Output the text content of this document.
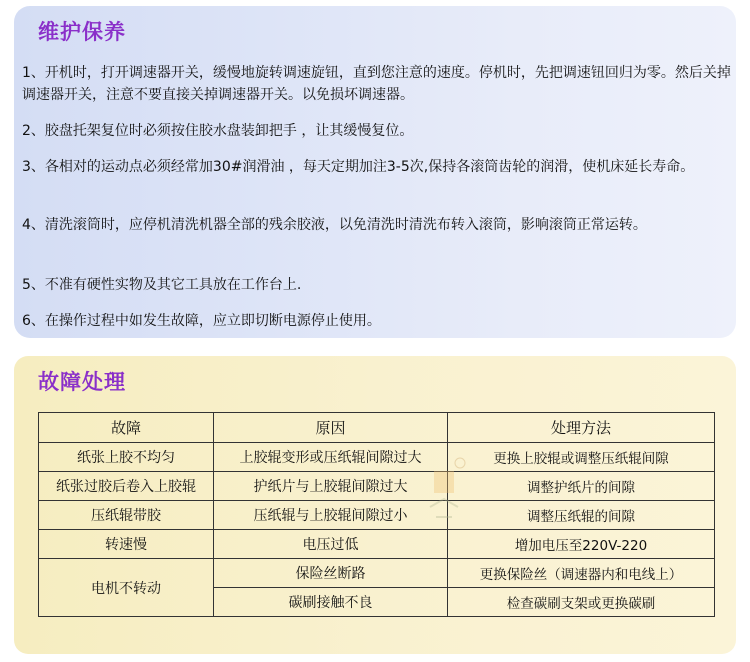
维护保养
1、开机时，打开调速器开关，缓慢地旋转调速旋钮，直到您注意的速度。停机时，先把调速钮回归为零。然后关掉调速器开关，注意不要直接关掉调速器开关。以免损坏调速器。
2、胶盘托架复位时必须按住胶水盘装卸把手 ，让其缓慢复位。
3、各相对的运动点必须经常加30#润滑油 ，每天定期加注3-5次,保持各滚筒齿轮的润滑，使机床延长寿命。
4、清洗滚筒时，应停机清洗机器全部的残余胶液，以免清洗时清洗布转入滚筒，影响滚筒正常运转。
5、不准有硬性实物及其它工具放在工作台上.
6、在操作过程中如发生故障，应立即切断电源停止使用。
故障处理
故障	原因	处理方法
纸张上胶不均匀	上胶辊变形或压纸辊间隙过大	更换上胶辊或调整压纸辊间隙
纸张过胶后卷入上胶辊	护纸片与上胶辊间隙过大	调整护纸片的间隙
压纸辊带胶	压纸辊与上胶辊间隙过小	调整压纸辊的间隙
转速慢	电压过低	增加电压至220V-220
电机不转动	保险丝断路	更换保险丝（调速器内和电线上）
	碳刷接触不良	检查碳刷支架或更换碳刷
